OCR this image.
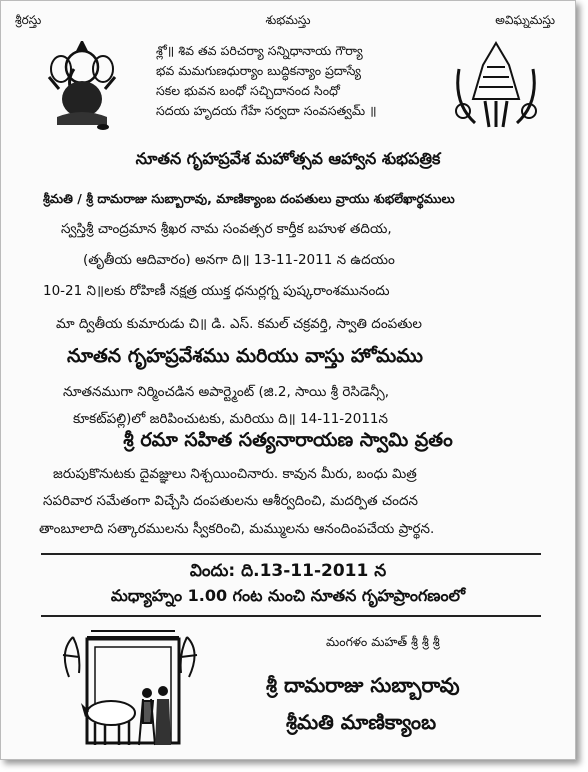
శ్రీరస్తు	శుభమస్తు	అవిఘ్నమస్తు
శ్లో॥ శివ తవ పరిచర్యా సన్నిధానాయ గౌర్యా
భవ మమగుణధుర్యాం బుద్ధికన్యాం ప్రదాస్యే
సకల భువన బంధో సచ్చిదానంద సింధో
సదయ హృదయ గేహే సర్వదా సంవసత్వమ్ ॥
నూతన గృహప్రవేశ మహోత్సవ ఆహ్వాన శుభపత్రిక
శ్రీమతి / శ్రీ దామరాజు సుబ్బారావు, మాణిక్యాంబ దంపతులు వ్రాయు శుభలేఖార్థములు
స్వస్తిశ్రీ చాంద్రమాన శ్రీఖర నామ సంవత్సర కార్తీక బహుళ తదియ,
(తృతీయ ఆదివారం) అనగా ది॥ 13-11-2011 న ఉదయం
10-21 ని॥లకు రోహిణీ నక్షత్ర యుక్త ధనుర్లగ్న పుష్కరాంశమునందు
మా ద్వితీయ కుమారుడు చి॥ డి. ఎస్. కమల్ చక్రవర్తి, స్వాతి దంపతుల
నూతన గృహప్రవేశము మరియు వాస్తు హోమము
నూతనముగా నిర్మించడిన అపార్ట్మెంట్ (జి.2, సాయి శ్రీ రెసిడెన్సీ,
కూకట్‌పల్లి)లో జరిపించుటకు, మరియు ది॥ 14-11-2011న
శ్రీ రమా సహిత సత్యనారాయణ స్వామి వ్రతం
జరుపుకొనుటకు దైవజ్ఞులు నిశ్చయించినారు. కావున మీరు, బంధు మిత్ర
సపరివార సమేతంగా విచ్చేసి దంపతులను ఆశీర్వదించి, మదర్పిత చందన
తాంబూలాది సత్కారములను స్వీకరించి, మమ్ములను ఆనందింపచేయ ప్రార్థన.
విందు: ది.13-11-2011 న
మధ్యాహ్నం 1.00 గంట నుంచి నూతన గృహప్రాంగణంలో
మంగళం మహత్ శ్రీ శ్రీ శ్రీ
శ్రీ దామరాజు సుబ్బారావు
శ్రీమతి మాణిక్యాంబ
